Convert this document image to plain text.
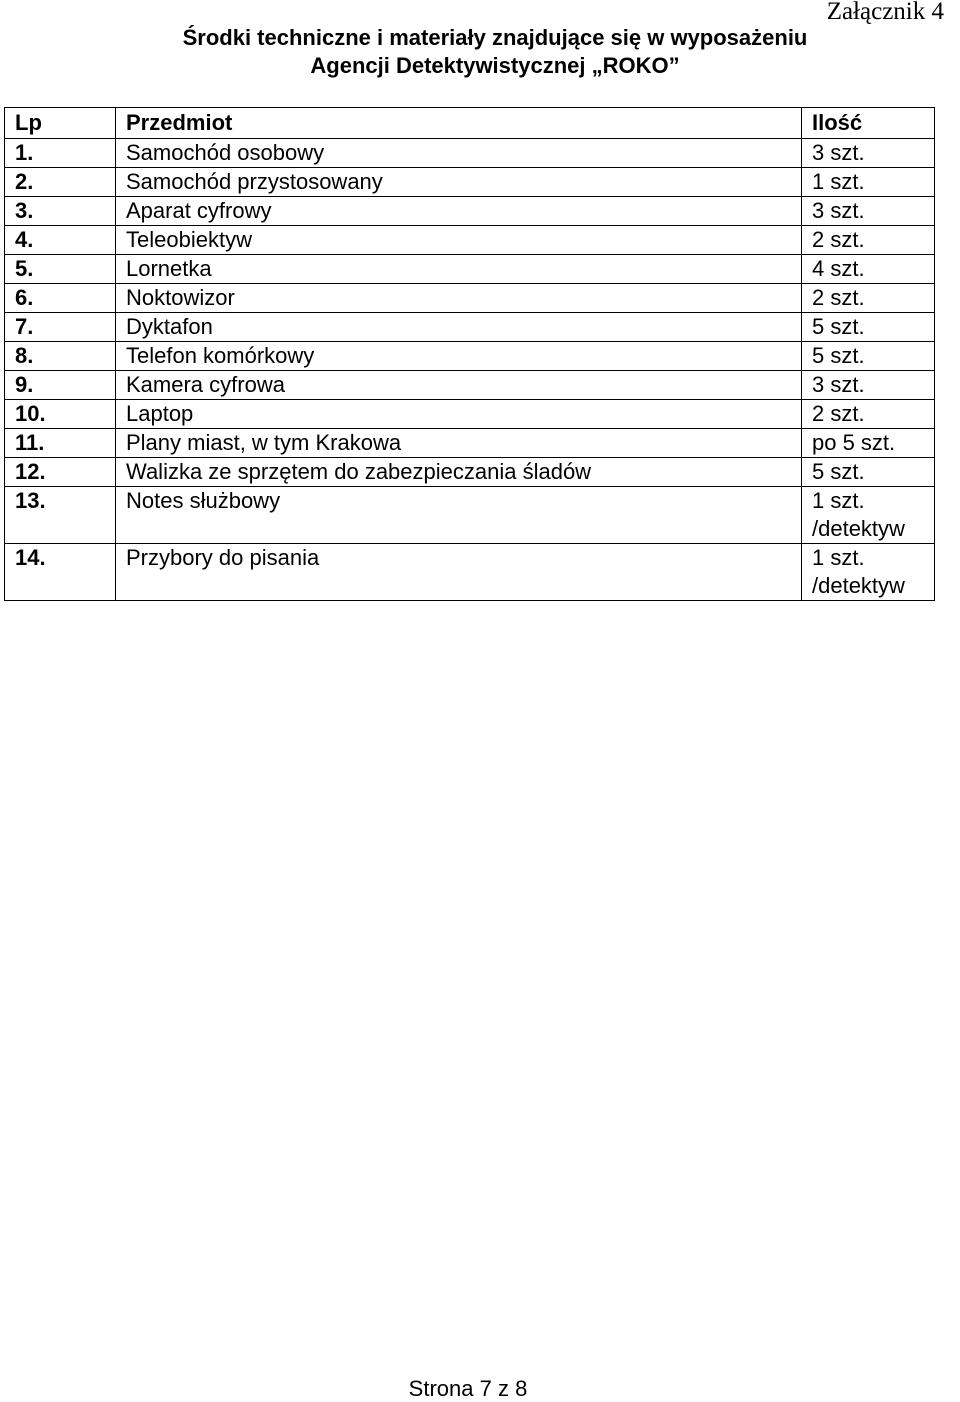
Załącznik 4
Środki techniczne i materiały znajdujące się w wyposażeniu
Agencji Detektywistycznej „ROKO”
Lp	Przedmiot	Ilość
1.	Samochód osobowy	3 szt.

2.	Samochód przystosowany	1 szt.

3.	Aparat cyfrowy	3 szt.

4.	Teleobiektyw	2 szt.

5.	Lornetka	4 szt.

6.	Noktowizor	2 szt.

7.	Dyktafon	5 szt.

8.	Telefon komórkowy	5 szt.

9.	Kamera cyfrowa	3 szt.

10.	Laptop	2 szt.

11.	Plany miast, w tym Krakowa	po 5 szt.

12.	Walizka ze sprzętem do zabezpieczania śladów	5 szt.

13.	Notes służbowy	1 szt.
/detektyw

14.	Przybory do pisania	1 szt.
/detektyw
Strona 7 z 8
